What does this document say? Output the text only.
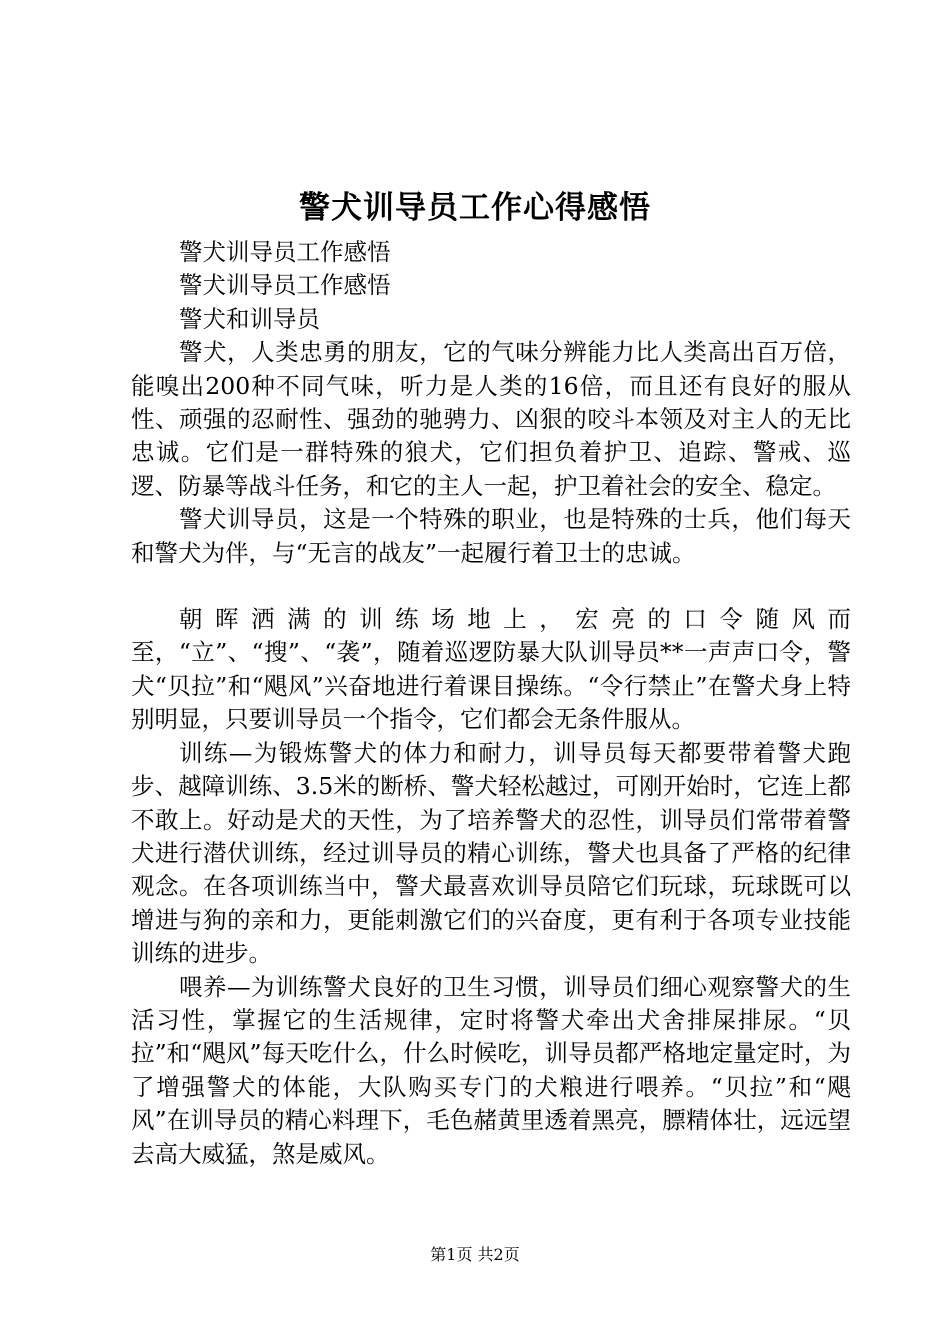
警犬训导员工作心得感悟

警犬训导员工作感悟

警犬训导员工作感悟

警犬和训导员

警犬，人类忠勇的朋友，它的气味分辨能力比人类高出百万倍，能嗅出200种不同气味，听力是人类的16倍，而且还有良好的服从性、顽强的忍耐性、强劲的驰骋力、凶狠的咬斗本领及对主人的无比忠诚。它们是一群特殊的狼犬，它们担负着护卫、追踪、警戒、巡逻、防暴等战斗任务，和它的主人一起，护卫着社会的安全、稳定。

警犬训导员，这是一个特殊的职业，也是特殊的士兵，他们每天和警犬为伴，与“无言的战友”一起履行着卫士的忠诚。

朝晖洒满的训练场地上，宏亮的口令随风而至，“立”、“搜”、“袭”，随着巡逻防暴大队训导员**一声声口令，警犬“贝拉”和“飓风”兴奋地进行着课目操练。“令行禁止”在警犬身上特别明显，只要训导员一个指令，它们都会无条件服从。

训练—为锻炼警犬的体力和耐力，训导员每天都要带着警犬跑步、越障训练、3.5米的断桥、警犬轻松越过，可刚开始时，它连上都不敢上。好动是犬的天性，为了培养警犬的忍性，训导员们常带着警犬进行潜伏训练，经过训导员的精心训练，警犬也具备了严格的纪律观念。在各项训练当中，警犬最喜欢训导员陪它们玩球，玩球既可以增进与狗的亲和力，更能刺激它们的兴奋度，更有利于各项专业技能训练的进步。

喂养—为训练警犬良好的卫生习惯，训导员们细心观察警犬的生活习性，掌握它的生活规律，定时将警犬牵出犬舍排屎排尿。“贝拉”和“飓风”每天吃什么，什么时候吃，训导员都严格地定量定时，为了增强警犬的体能，大队购买专门的犬粮进行喂养。“贝拉”和“飓风”在训导员的精心料理下，毛色赭黄里透着黑亮，膘精体壮，远远望去高大威猛，煞是威风。

第1页 共2页
